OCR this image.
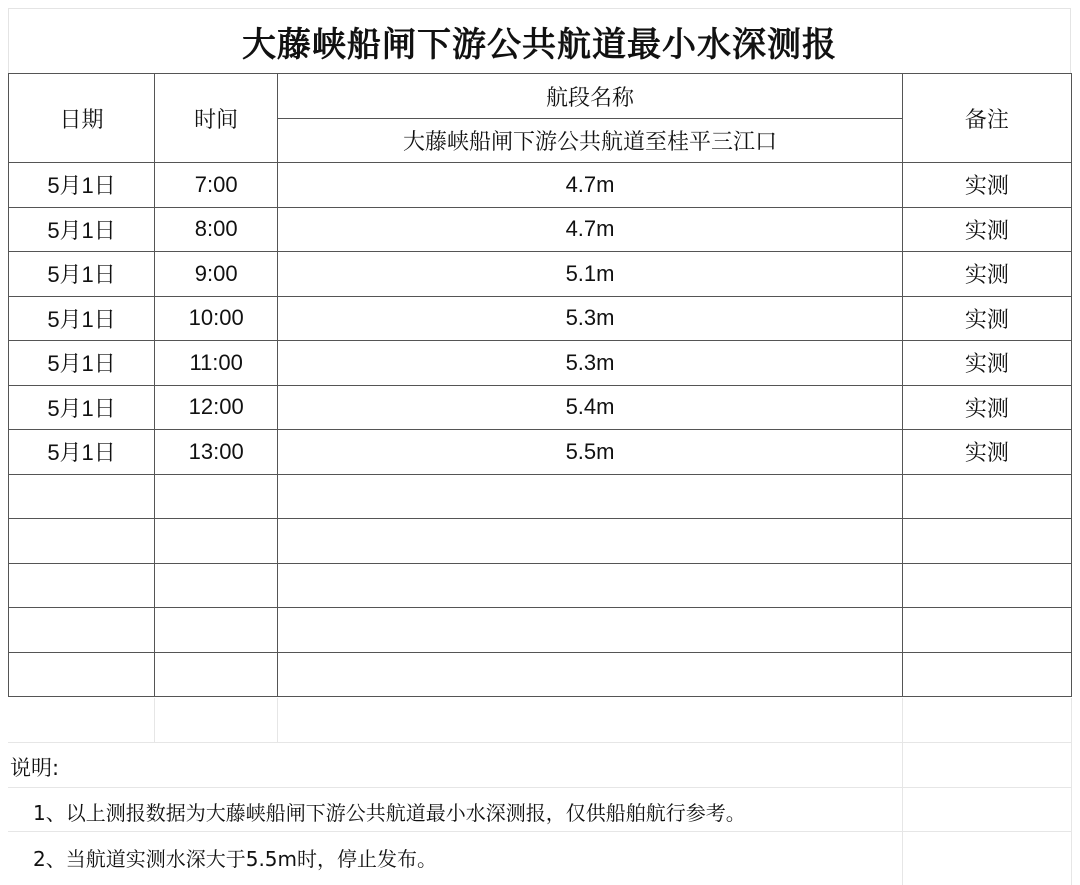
大藤峡船闸下游公共航道最小水深测报
日期	时间	航段名称	备注
		大藤峡船闸下游公共航道至桂平三江口	
5月1日	7:00	4.7m	实测
5月1日	8:00	4.7m	实测
5月1日	9:00	5.1m	实测
5月1日	10:00	5.3m	实测
5月1日	11:00	5.3m	实测
5月1日	12:00	5.4m	实测
5月1日	13:00	5.5m	实测

说明:
1、以上测报数据为大藤峡船闸下游公共航道最小水深测报，仅供船舶航行参考。
2、当航道实测水深大于5.5m时，停止发布。
